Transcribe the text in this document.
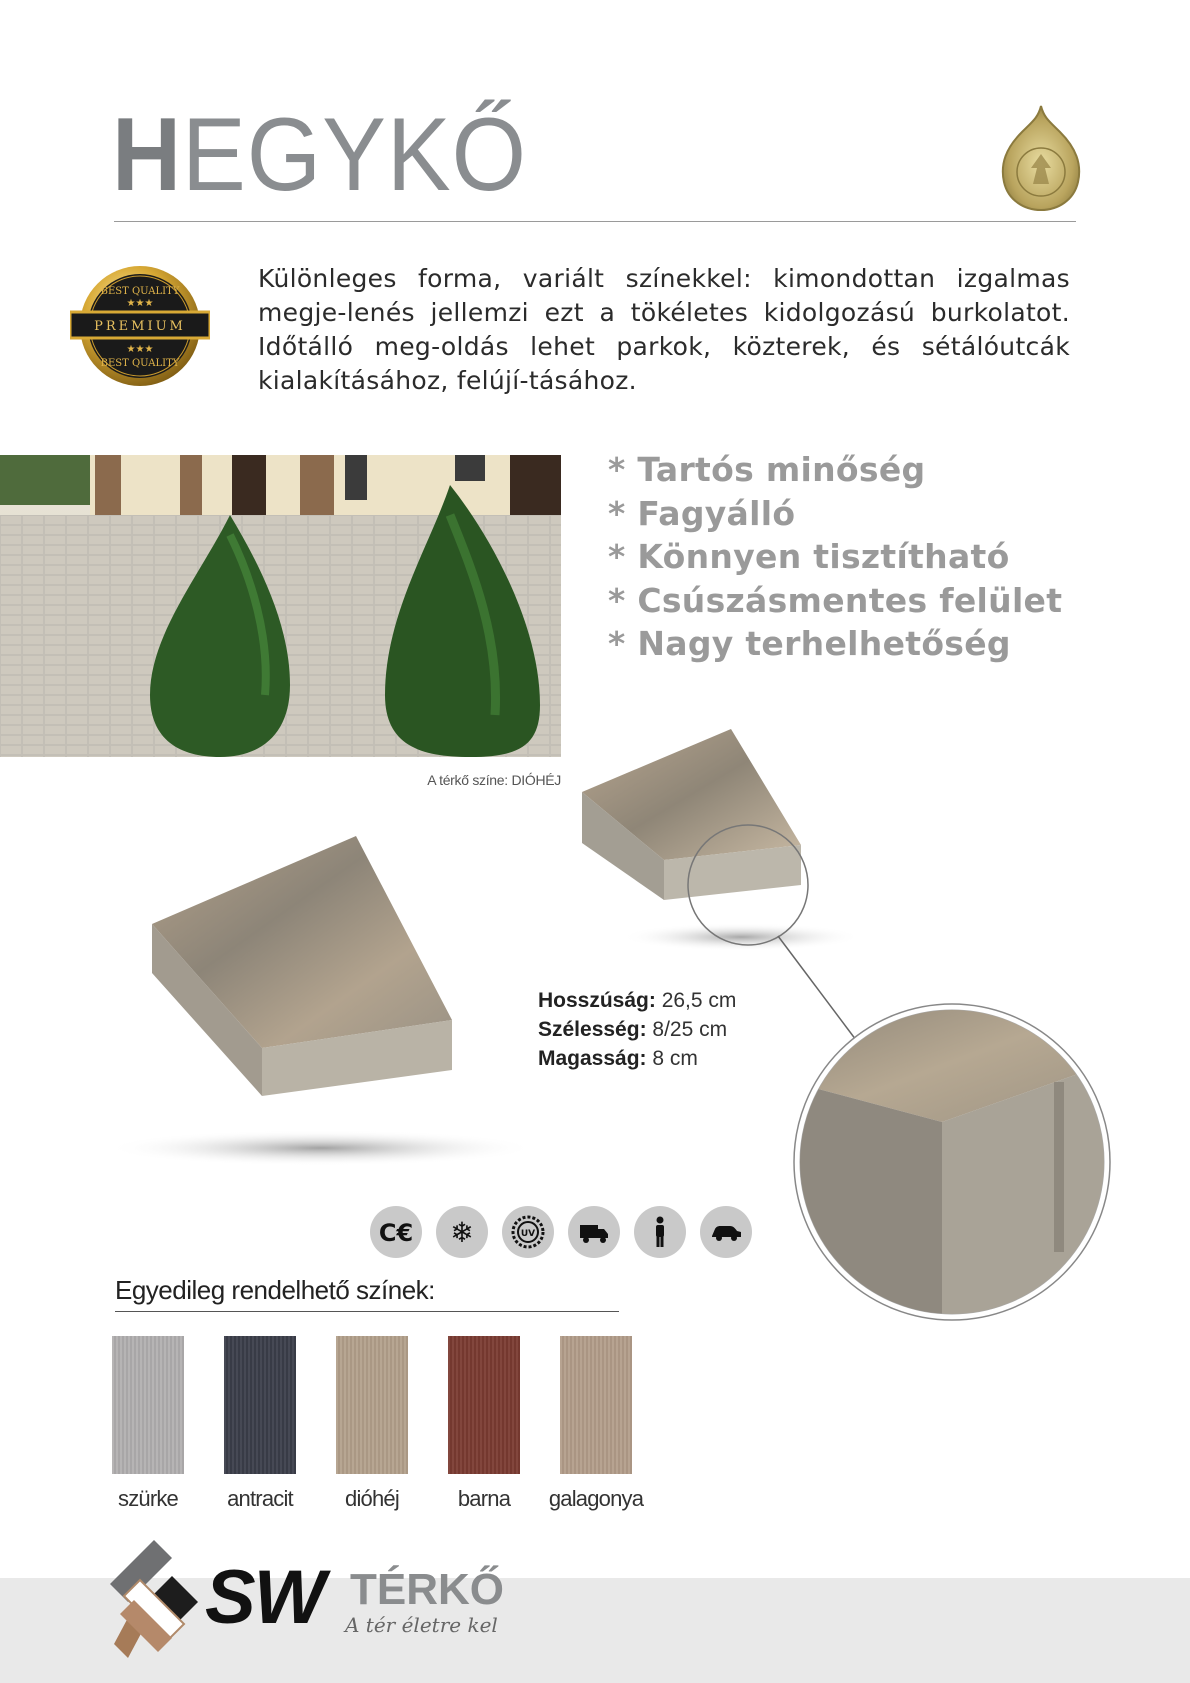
HEGYKŐ
BEST QUALITY
★★★
PREMIUM
★★★
BEST QUALITY
Különleges forma, variált színekkel: kimondottan izgalmas megje-lenés jellemzi ezt a tökéletes kidolgozású burkolatot. Időtálló meg-oldás lehet parkok, közterek, és sétálóutcák kialakításához, felújí-tásához.
A térkő színe: DIÓHÉJ
* Tartós minőség
* Fagyálló
* Könnyen tisztítható
* Csúszásmentes felület
* Nagy terhelhetőség
Hosszúság: 26,5 cm
Szélesség: 8/25 cm
Magasság: 8 cm
C€ ❄	UV
Egyedileg rendelhető színek:
szürke	antracit	dióhéj	barna	galagonya
SW TÉRKŐ
A tér életre kel
